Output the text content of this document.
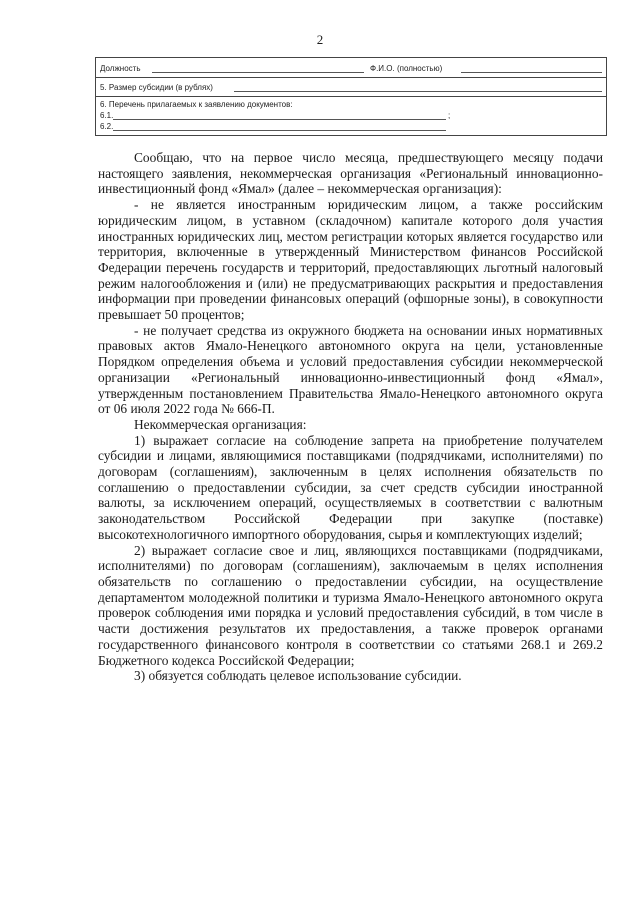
2
Должность	Ф.И.О. (полностью)
5. Размер субсидии (в рублях)
6. Перечень прилагаемых к заявлению документов:
6.1.	;
6.2.

Сообщаю, что на первое число месяца, предшествующего месяцу подачи настоящего заявления, некоммерческая организация «Региональный инновационно-инвестиционный фонд «Ямал» (далее – некоммерческая организация):

- не является иностранным юридическим лицом, а также российским юридическим лицом, в уставном (складочном) капитале которого доля участия иностранных юридических лиц, местом регистрации которых является государство или территория, включенные в утвержденный Министерством финансов Российской Федерации перечень государств и территорий, предоставляющих льготный налоговый режим налогообложения и (или) не предусматривающих раскрытия и предоставления информации при проведении финансовых операций (офшорные зоны), в совокупности превышает 50 процентов;

- не получает средства из окружного бюджета на основании иных нормативных правовых актов Ямало-Ненецкого автономного округа на цели, установленные Порядком определения объема и условий предоставления субсидии некоммерческой организации «Региональный инновационно-инвестиционный фонд «Ямал», утвержденным постановлением Правительства Ямало-Ненецкого автономного округа от 06 июля 2022 года № 666-П.

Некоммерческая организация:

1) выражает согласие на соблюдение запрета на приобретение получателем субсидии и лицами, являющимися поставщиками (подрядчиками, исполнителями) по договорам (соглашениям), заключенным в целях исполнения обязательств по соглашению о предоставлении субсидии, за счет средств субсидии иностранной валюты, за исключением операций, осуществляемых в соответствии с валютным законодательством Российской Федерации при закупке (поставке) высокотехнологичного импортного оборудования, сырья и комплектующих изделий;

2) выражает согласие свое и лиц, являющихся поставщиками (подрядчиками, исполнителями) по договорам (соглашениям), заключаемым в целях исполнения обязательств по соглашению о предоставлении субсидии, на осуществление департаментом молодежной политики и туризма Ямало-Ненецкого автономного округа проверок соблюдения ими порядка и условий предоставления субсидий, в том числе в части достижения результатов их предоставления, а также проверок органами государственного финансового контроля в соответствии со статьями 268.1 и 269.2 Бюджетного кодекса Российской Федерации;

3) обязуется соблюдать целевое использование субсидии.
